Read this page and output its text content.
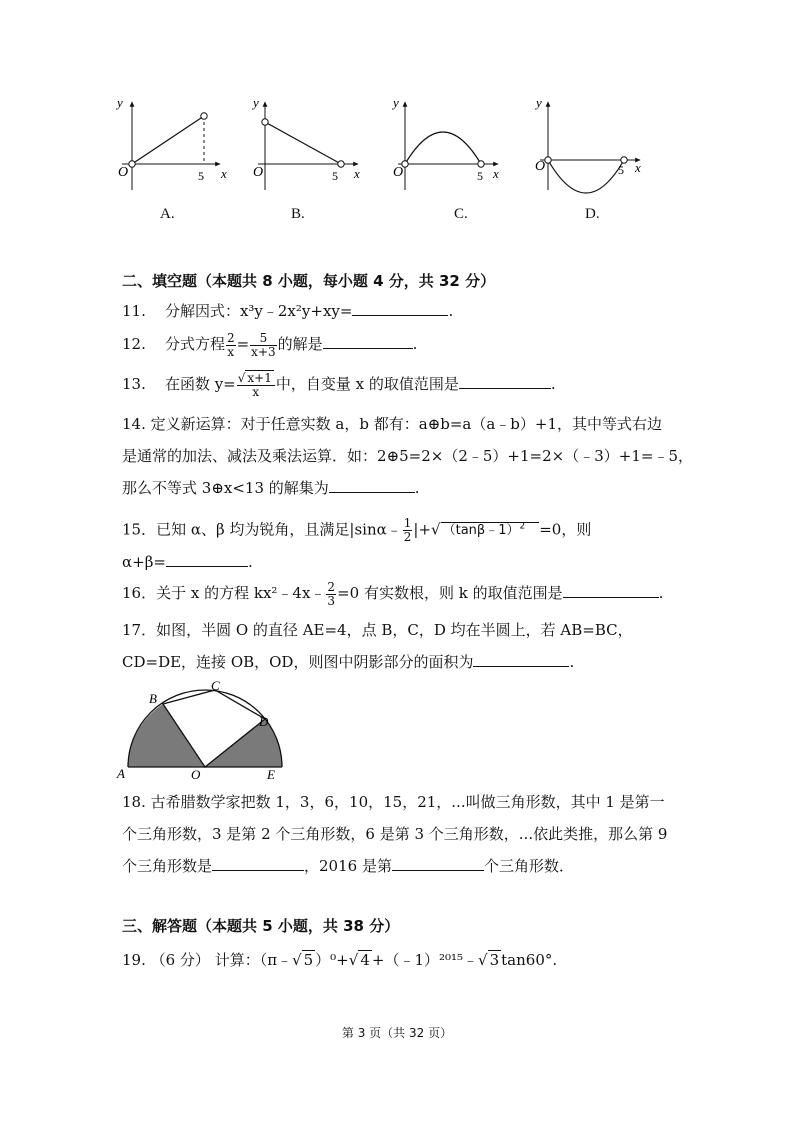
y
x
O	5
y
x
O	5
y
x
O	5
y
x
O	5
A.	B.	C.	D.
二、填空题（本题共 8 小题，每小题 4 分，共 32 分）
11. 分解因式：x³y﹣2x²y+xy=	.
12. 分式方程 $\frac{2}{x} = \frac{5}{x+3}$ 的解是	.
13. 在函数 $y= \frac{√ x+1}{x}$ 中，自变量 x 的取值范围是	.
14. 定义新运算：对于任意实数 a，b 都有：a⊕b=a（a﹣b）+1，其中等式右边
是通常的加法、减法及乘法运算．如：2⊕5=2×（2﹣5）+1=2×（﹣3）+1=﹣5，
那么不等式 3⊕x<13 的解集为	.
15．已知 α、β 均为锐角，且满足|sinα﹣ $\frac{1}{2}$ |+√ （tanβ﹣1）$^2$ =0，则
α+β=	.
16．关于 x 的方程 kx²﹣4x﹣ $\frac{2}{3} =0$ 有实数根，则 k 的取值范围是	.
17．如图，半圆 O 的直径 AE=4，点 B，C，D 均在半圆上，若 AB=BC，
CD=DE，连接 OB，OD，则图中阴影部分的面积为	.
A
B
C
D
O	E
18. 古希腊数学家把数 1，3，6，10，15，21，...叫做三角形数，其中 1 是第一
个三角形数，3 是第 2 个三角形数，6 是第 3 个三角形数，...依此类推，那么第 9
个三角形数是	，2016 是第	个三角形数．
三、解答题（本题共 5 小题，共 38 分）
19. （6 分） 计算：（π﹣√ 5 ）⁰+√ 4 +（﹣1）²⁰¹⁵﹣√ 3 tan60°.
第 3 页（共 32 页）
